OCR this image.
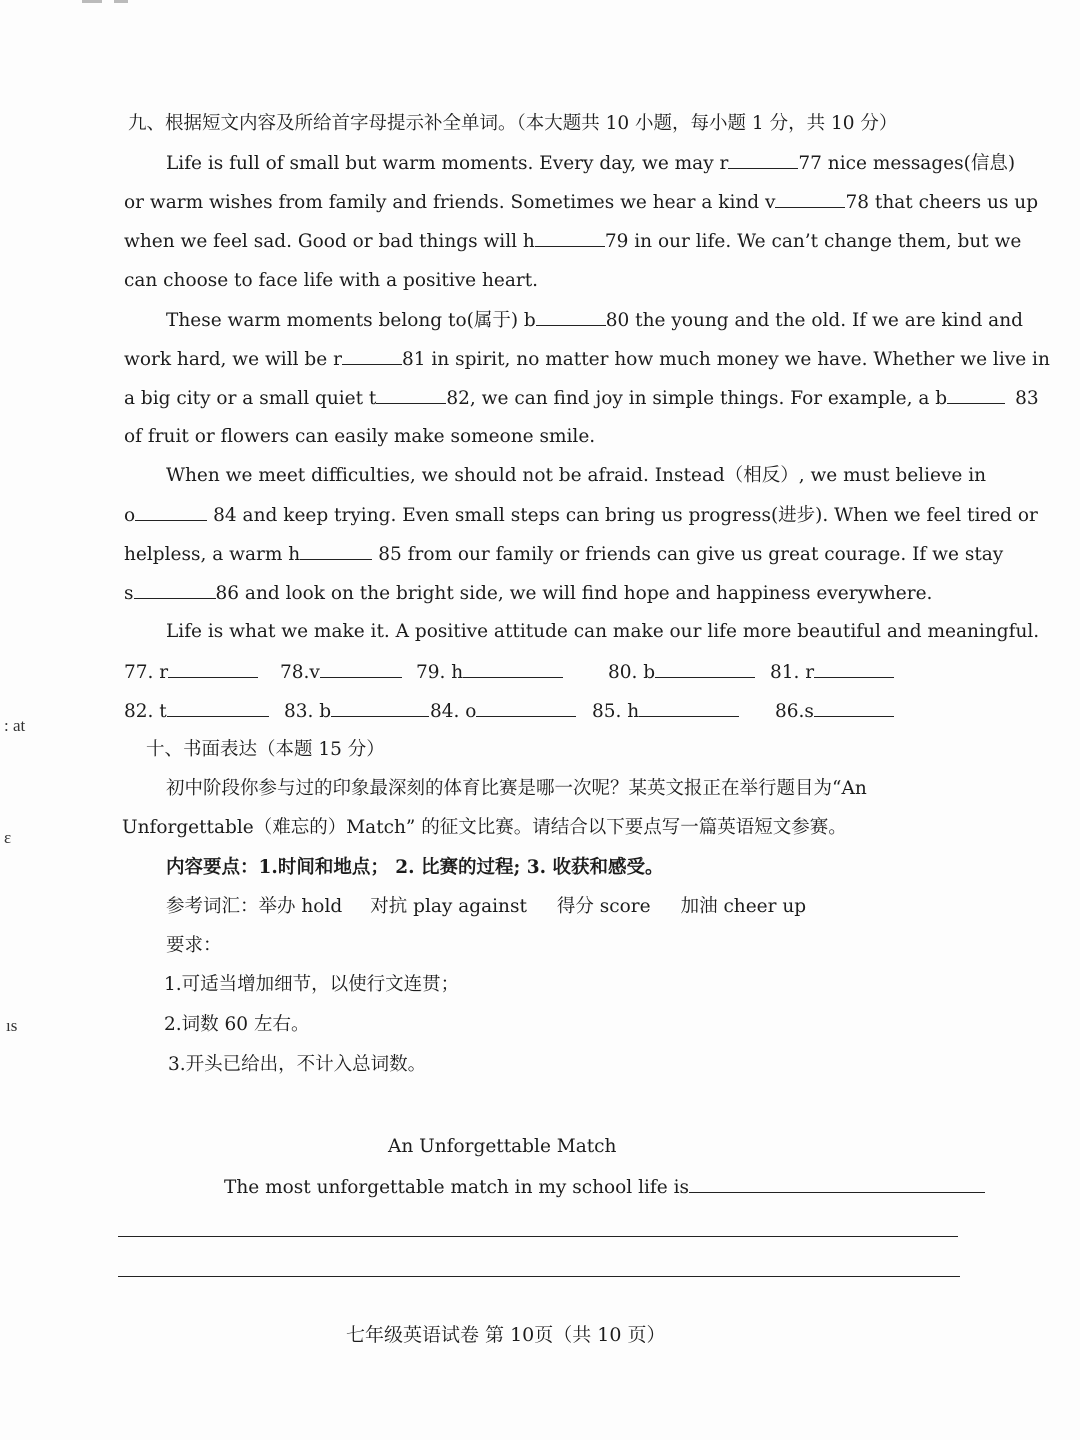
: at
ɛ
ıs
九、根据短文内容及所给首字母提示补全单词。（本大题共 10 小题，每小题 1 分，共 10 分）
Life is full of small but warm moments. Every day, we may r	77 nice messages(信息)
or warm wishes from family and friends. Sometimes we hear a kind v	78 that cheers us up
when we feel sad. Good or bad things will h	79 in our life. We can’t change them, but we
can choose to face life with a positive heart.
These warm moments belong to(属于) b	80 the young and the old. If we are kind and
work hard, we will be r	81 in spirit, no matter how much money we have. Whether we live in
a big city or a small quiet t	82, we can find joy in simple things. For example, a b	83
of fruit or flowers can easily make someone smile.
When we meet difficulties, we should not be afraid. Instead（相反）, we must believe in
o	84 and keep trying. Even small steps can bring us progress(进步). When we feel tired or
helpless, a warm h	85 from our family or friends can give us great courage. If we stay
s	86 and look on the bright side, we will find hope and happiness everywhere.
Life is what we make it. A positive attitude can make our life more beautiful and meaningful.
77. r	78.v	79. h	80. b	81. r
82. t	83. b	84. o	85. h	86.s
十、书面表达（本题 15 分）
初中阶段你参与过的印象最深刻的体育比赛是哪一次呢？某英文报正在举行题目为“An
Unforgettable（难忘的）Match” 的征文比赛。请结合以下要点写一篇英语短文参赛。
内容要点：1.时间和地点； 2. 比赛的过程; 3. 收获和感受。
参考词汇：举办 hold 对抗 play against 得分 score 加油 cheer up
要求：
1.可适当增加细节，以使行文连贯；
2.词数 60 左右。
3.开头已给出，不计入总词数。
An Unforgettable Match
The most unforgettable match in my school life is
七年级英语试卷 第 10页（共 10 页）
